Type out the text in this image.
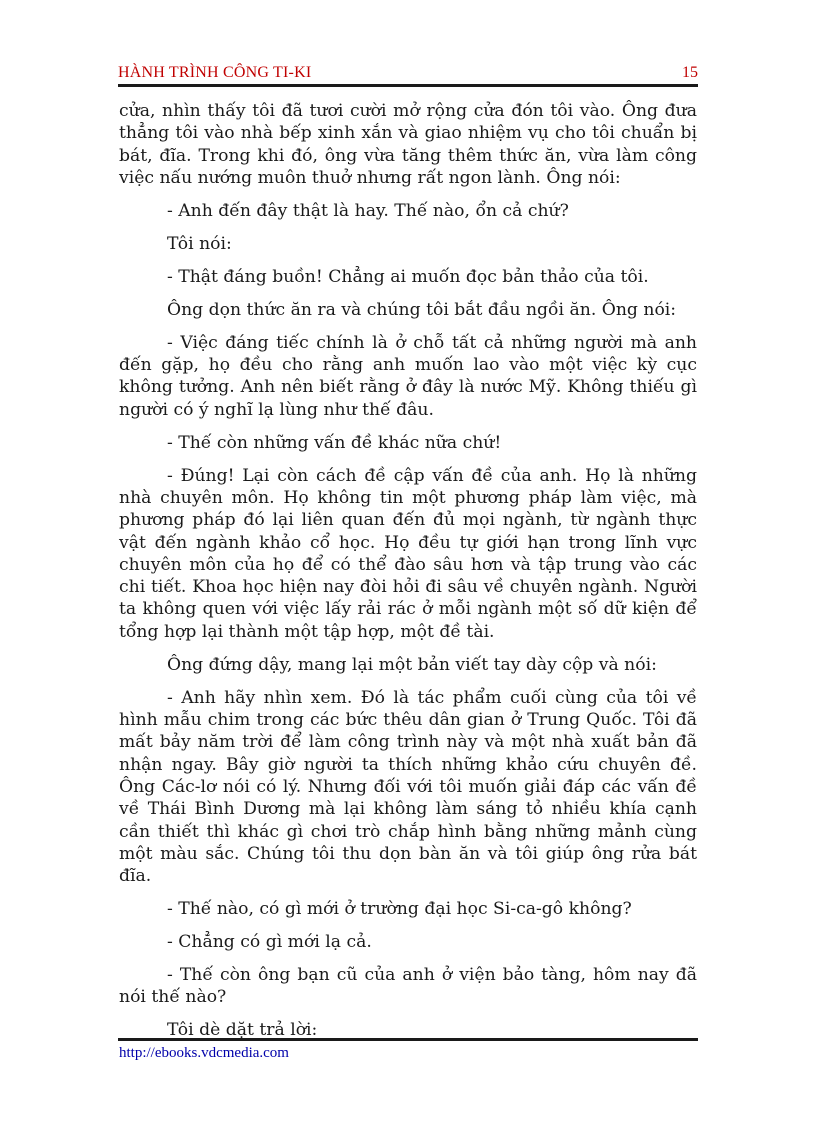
HÀNH TRÌNH CÔNG TI-KI	15

cửa, nhìn thấy tôi đã tươi cười mở rộng cửa đón tôi vào. Ông đưa thẳng tôi vào nhà bếp xinh xắn và giao nhiệm vụ cho tôi chuẩn bị bát, đĩa. Trong khi đó, ông vừa tăng thêm thức ăn, vừa làm công việc nấu nướng muôn thuở nhưng rất ngon lành. Ông nói:

- Anh đến đây thật là hay. Thế nào, ổn cả chứ?

Tôi nói:

- Thật đáng buồn! Chẳng ai muốn đọc bản thảo của tôi.

Ông dọn thức ăn ra và chúng tôi bắt đầu ngồi ăn. Ông nói:

- Việc đáng tiếc chính là ở chỗ tất cả những người mà anh đến gặp, họ đều cho rằng anh muốn lao vào một việc kỳ cục không tưởng. Anh nên biết rằng ở đây là nước Mỹ. Không thiếu gì người có ý nghĩ lạ lùng như thế đâu.

- Thế còn những vấn đề khác nữa chứ!

- Đúng! Lại còn cách đề cập vấn đề của anh. Họ là những nhà chuyên môn. Họ không tin một phương pháp làm việc, mà phương pháp đó lại liên quan đến đủ mọi ngành, từ ngành thực vật đến ngành khảo cổ học. Họ đều tự giới hạn trong lĩnh vực chuyên môn của họ để có thể đào sâu hơn và tập trung vào các chi tiết. Khoa học hiện nay đòi hỏi đi sâu về chuyên ngành. Người ta không quen với việc lấy rải rác ở mỗi ngành một số dữ kiện để tổng hợp lại thành một tập hợp, một đề tài.

Ông đứng dậy, mang lại một bản viết tay dày cộp và nói:

- Anh hãy nhìn xem. Đó là tác phẩm cuối cùng của tôi về hình mẫu chim trong các bức thêu dân gian ở Trung Quốc. Tôi đã mất bảy năm trời để làm công trình này và một nhà xuất bản đã nhận ngay. Bây giờ người ta thích những khảo cứu chuyên đề. Ông Các-lơ nói có lý. Nhưng đối với tôi muốn giải đáp các vấn đề về Thái Bình Dương mà lại không làm sáng tỏ nhiều khía cạnh cần thiết thì khác gì chơi trò chắp hình bằng những mảnh cùng một màu sắc. Chúng tôi thu dọn bàn ăn và tôi giúp ông rửa bát đĩa.

- Thế nào, có gì mới ở trường đại học Si-ca-gô không?

- Chẳng có gì mới lạ cả.

- Thế còn ông bạn cũ của anh ở viện bảo tàng, hôm nay đã nói thế nào?

Tôi dè dặt trả lời:

http://ebooks.vdcmedia.com
